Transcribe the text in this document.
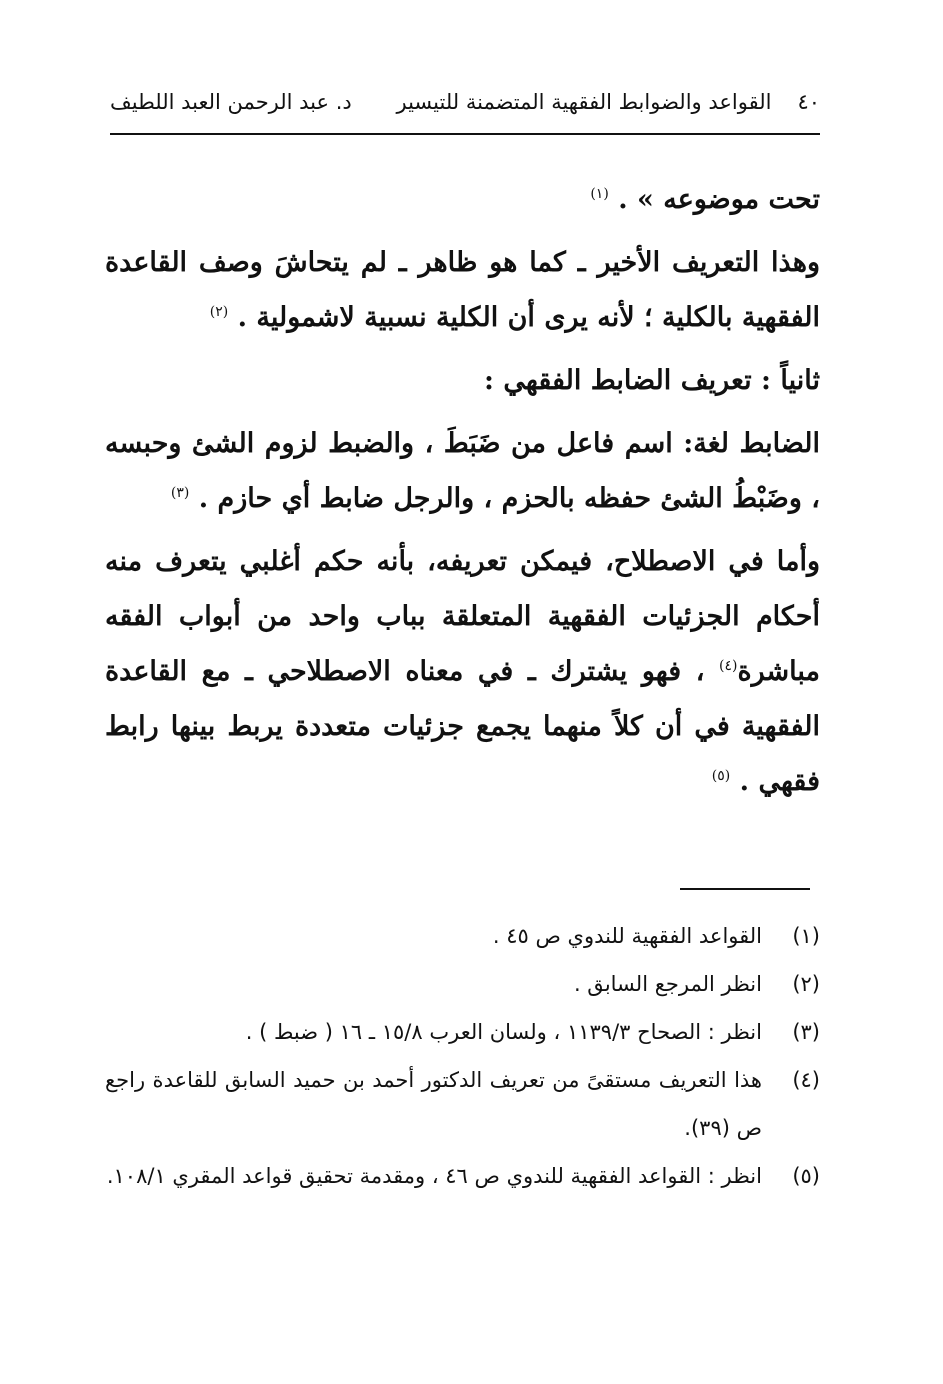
٤٠
القواعد والضوابط الفقهية المتضمنة للتيسير
د. عبد الرحمن العبد اللطيف

تحت موضوعه » . $^{(١)}$

وهذا التعريف الأخير ـ كما هو ظاهر ـ لم يتحاشَ وصف القاعدة الفقهية بالكلية ؛ لأنه يرى أن الكلية نسبية لاشمولية . $^{(٢)}$

ثانياً : تعريف الضابط الفقهي :

الضابط لغة: اسم فاعل من ضَبَطَ ، والضبط لزوم الشئ وحبسه ، وضَبْطُ الشئ حفظه بالحزم ، والرجل ضابط أي حازم . $^{(٣)}$

وأما في الاصطلاح، فيمكن تعريفه، بأنه حكم أغلبي يتعرف منه أحكام الجزئيات الفقهية المتعلقة بباب واحد من أبواب الفقه مباشرة$^{(٤)}$ ، فهو يشترك ـ في معناه الاصطلاحي ـ مع القاعدة الفقهية في أن كلاً منهما يجمع جزئيات متعددة يربط بينها رابط فقهي . $^{(٥)}$

(١)
القواعد الفقهية للندوي ص ٤٥ .
(٢)
انظر المرجع السابق .
(٣)
انظر : الصحاح ١١٣٩/٣ ، ولسان العرب ١٥/٨ ـ ١٦ ( ضبط ) .
(٤)
هذا التعريف مستقىً من تعريف الدكتور أحمد بن حميد السابق للقاعدة راجع ص (٣٩).
(٥)
انظر : القواعد الفقهية للندوي ص ٤٦ ، ومقدمة تحقيق قواعد المقري ١٠٨/١.
